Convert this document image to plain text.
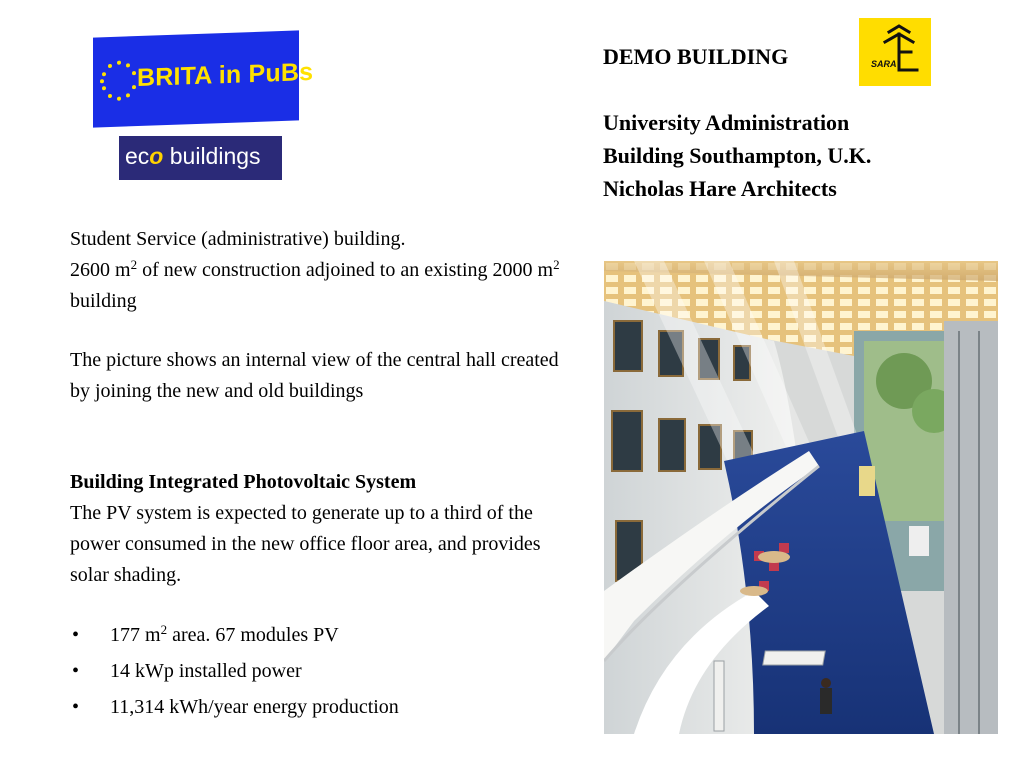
BRITA in PuBs
eco buildings
SARA
DEMO BUILDING
University Administration
Building Southampton, U.K.
Nicholas Hare Architects
Student Service (administrative) building.
2600 $m^2$ of new construction adjoined to an existing 2000 $m^2$ building
The picture shows an internal view of the central hall created by joining the new and old buildings
Building Integrated Photovoltaic System
The PV system is expected to generate up to a third of the power consumed in the new office floor area, and provides solar shading.
• 177 $m^2$ area. 67 modules PV
• 14 kWp installed power
• 11,314 kWh/year energy production
